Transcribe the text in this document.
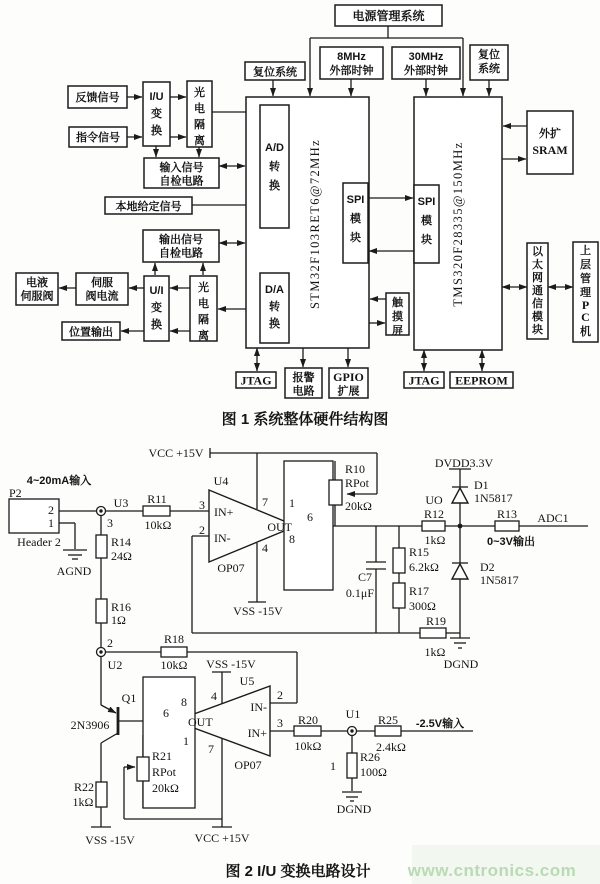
STM32F103RET6@72MHz	TMS320F28335@150MHz
A/D
转
换
D/A
转
换
SPI
模
块
SPI
模
块
电源管理系统
复位系统
8MHz
外部时钟
30MHz
外部时钟
复位
系统
反馈信号
指令信号
I/U
变
换
光
电
隔
离
输入信号
自检电路
本地给定信号
输出信号
自检电路
电液
伺服阀
伺服
阀电流	U/I
变
换
光
电
隔
离
位置输出
触
摸
屏
外扩
SRAM
以
太
网
通
信
模
块
上
层
管
理
P
C
机
JTAG 报警
电路
GPIO
扩展
JTAG EEPROM
图 1 系统整体硬件结构图
VCC +15V
4~20mA输入
P2
2
1
Header 2
AGND
U3
3
R11
10kΩ
R14
24Ω
R16
1Ω
2
U2
R18
10kΩ
U4
3
2
IN+
IN-
OUT
7
4
OP07
VSS -15V
1
8
6
R10
RPot
20kΩ
C7
0.1μF
R15
6.2kΩ
R17
300Ω
UO
R12
1kΩ
DVDD3.3V
D1
1N5817
D2
1N5817
R19
1kΩ
DGND
R13
0~3V输出
ADC1
Q1
2N3906
R22
1kΩ
VSS -15V
R21
RPot
20kΩ
VCC +15V
U5
8
6
1
OUT
IN-
IN+
4
7
2
3
VSS -15V
OP07
R20
10kΩ
U1 R25
2.4kΩ
-2.5V输入
R26
100Ω
1
DGND
图 2 I/U 变换电路设计 www.cntronics.com
